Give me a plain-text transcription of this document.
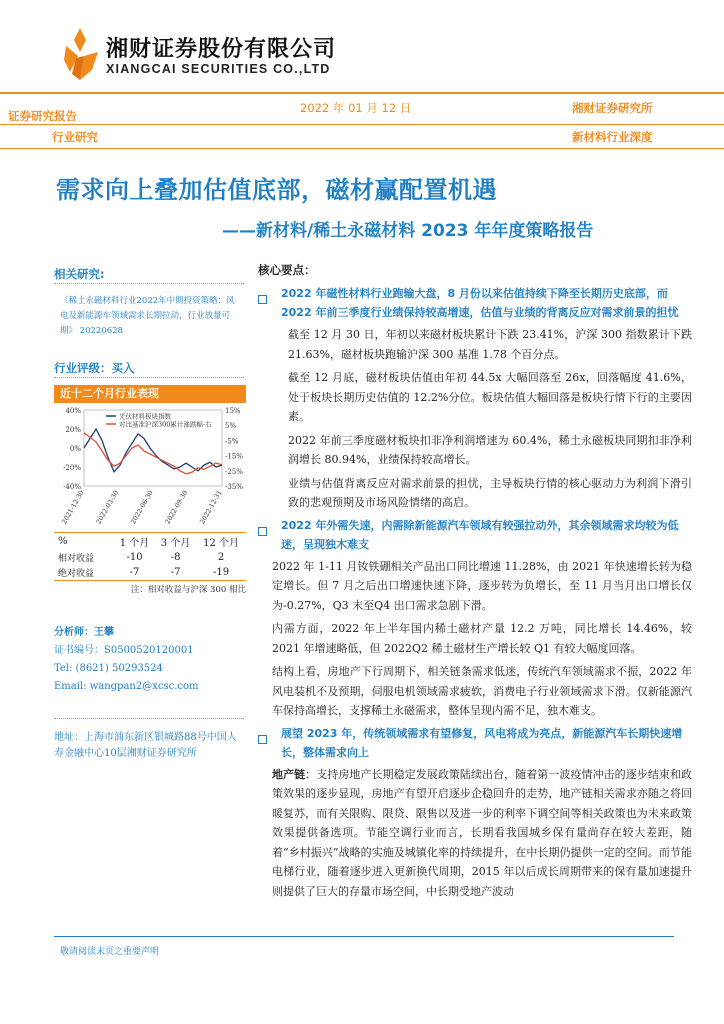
湘财证券股份有限公司
XIANGCAI SECURITIES CO.,LTD
证券研究报告
2022 年 01 月 12 日	湘财证券研究所
行业研究	新材料行业深度
需求向上叠加估值底部，磁材赢配置机遇
——新材料/稀土永磁材料 2023 年年度策略报告
相关研究:
《稀土永磁材料行业2022年中期投资策略：风电及新能源车领域需求长期拉动，行业放量可期》 20220628
行业评级：买入
近十二个月行业表现
40%
20%
0%
-20%
-40%
15%
5%
-5%
-15%
-25%
-35%
2021-12-30 2022-03-30 2022-06-30 2022-09-30 2022-12-31
光伏材料板块指数
对比基准沪深300累计涨跌幅-右
%	1 个月	3 个月	12 个月
相对收益	-10	-8	2
绝对收益	-7	-7	-19
注：相对收益与沪深 300 相比
分析师：王攀
证书编号：S0500520120001
Tel: (8621) 50293524
Email: wangpan2@xcsc.com
地址：上海市浦东新区银城路88号中国人寿金融中心10层湘财证券研究所
核心要点：
2022 年磁性材料行业跑输大盘，8 月份以来估值持续下降至长期历史底部，而 2022 年前三季度行业绩保持较高增速，估值与业绩的背离反应对需求前景的担忧
截至 12 月 30 日，年初以来磁材板块累计下跌 23.41%，沪深 300 指数累计下跌 21.63%，磁材板块跑输沪深 300 基准 1.78 个百分点。
截至 12 月底，磁材板块估值由年初 44.5x 大幅回落至 26x，回落幅度 41.6%，处于板块长期历史估值的 12.2%分位。板块估值大幅回落是板块行情下行的主要因素。
2022 年前三季度磁材板块扣非净利润增速为 60.4%，稀土永磁板块同期扣非净利润增长 80.94%，业绩保持较高增长。
业绩与估值背离反应对需求前景的担忧，主导板块行情的核心驱动力为利润下滑引致的悲观预期及市场风险情绪的高启。
2022 年外需失速，内需除新能源汽车领域有较强拉动外，其余领域需求均较为低迷，呈现独木难支
2022 年 1-11 月钕铁硼相关产品出口同比增速 11.28%，由 2021 年快速增长转为稳定增长。但 7 月之后出口增速快速下降，逐步转为负增长，至 11 月当月出口增长仅为-0.27%，Q3 末至Q4 出口需求急剧下滑。
内需方面，2022 年上半年国内稀土磁材产量 12.2 万吨，同比增长 14.46%，较 2021 年增速略低，但 2022Q2 稀土磁材生产增长较 Q1 有较大幅度回落。
结构上看，房地产下行周期下，相关链条需求低迷，传统汽车领域需求不振，2022 年风电装机不及预期，伺服电机领域需求疲软，消费电子行业领域需求下滑。仅新能源汽车保持高增长，支撑稀土永磁需求，整体呈现内需不足，独木难支。
展望 2023 年，传统领域需求有望修复，风电将成为亮点，新能源汽车长期快速增长，整体需求向上
地产链：支持房地产长期稳定发展政策陆续出台，随着第一波疫情冲击的逐步结束和政策效果的逐步显现，房地产有望开启逐步企稳回升的走势，地产链相关需求亦随之将回暖复苏，而有关限购、限贷、限售以及进一步的利率下调空间等相关政策也为未来政策效果提供备选项。节能空调行业而言，长期看我国城乡保有量尚存在较大差距，随着“乡村振兴”战略的实施及城镇化率的持续提升，在中长期仍提供一定的空间。而节能电梯行业，随着逐步进入更新换代周期，2015 年以后成长周期带来的保有量加速提升则提供了巨大的存量市场空间，中长期受地产波动
敬请阅读末页之重要声明
